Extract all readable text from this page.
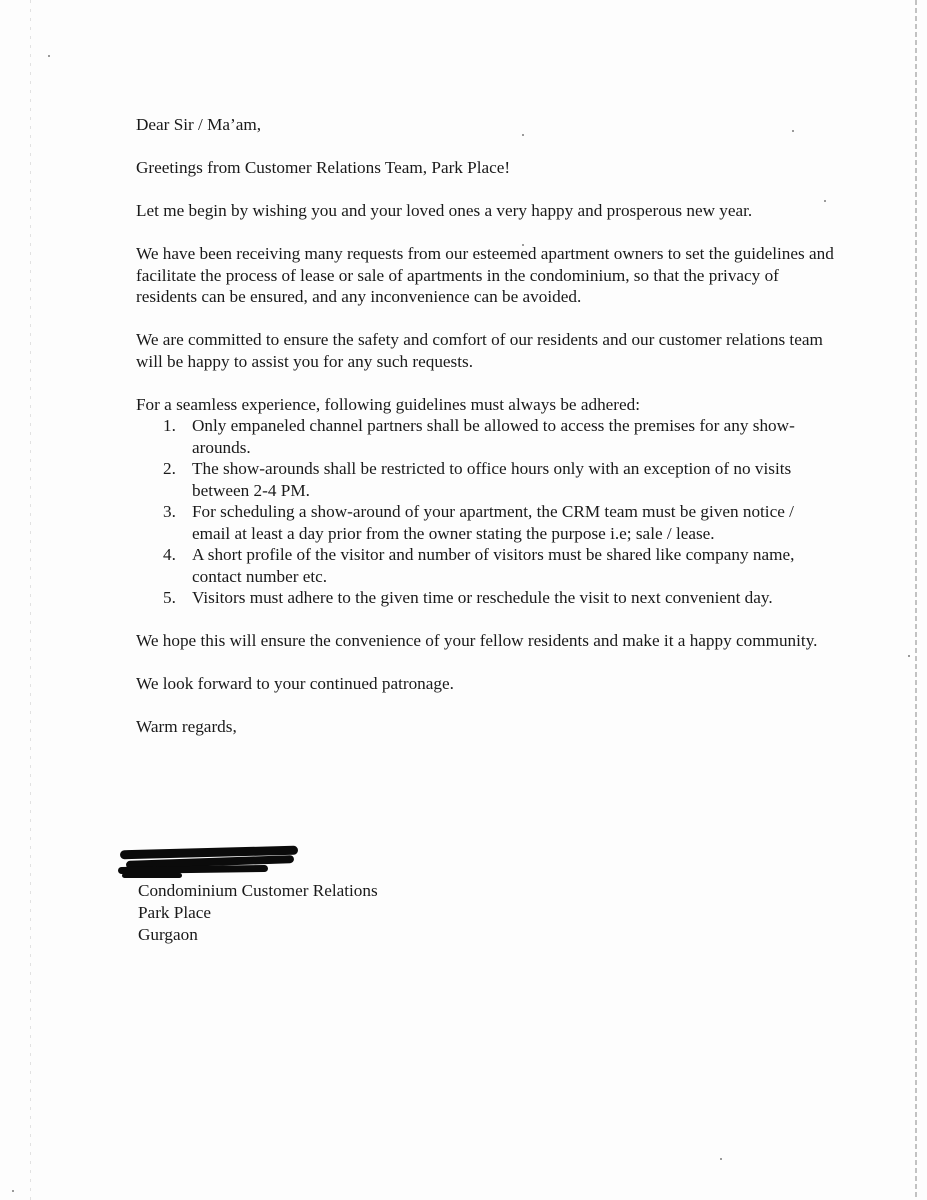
Dear Sir / Ma’am,

Greetings from Customer Relations Team, Park Place!

Let me begin by wishing you and your loved ones a very happy and prosperous new year.

We have been receiving many requests from our esteemed apartment owners to set the guidelines and facilitate the process of lease or sale of apartments in the condominium, so that the privacy of residents can be ensured, and any inconvenience can be avoided.

We are committed to ensure the safety and comfort of our residents and our customer relations team will be happy to assist you for any such requests.

For a seamless experience, following guidelines must always be adhered:

1. Only empaneled channel partners shall be allowed to access the premises for any show-arounds.
2. The show-arounds shall be restricted to office hours only with an exception of no visits between 2-4 PM.
3. For scheduling a show-around of your apartment, the CRM team must be given notice / email at least a day prior from the owner stating the purpose i.e; sale / lease.
4. A short profile of the visitor and number of visitors must be shared like company name, contact number etc.
5. Visitors must adhere to the given time or reschedule the visit to next convenient day.

We hope this will ensure the convenience of your fellow residents and make it a happy community.

We look forward to your continued patronage.

Warm regards,

Condominium Customer Relations
Park Place
Gurgaon
